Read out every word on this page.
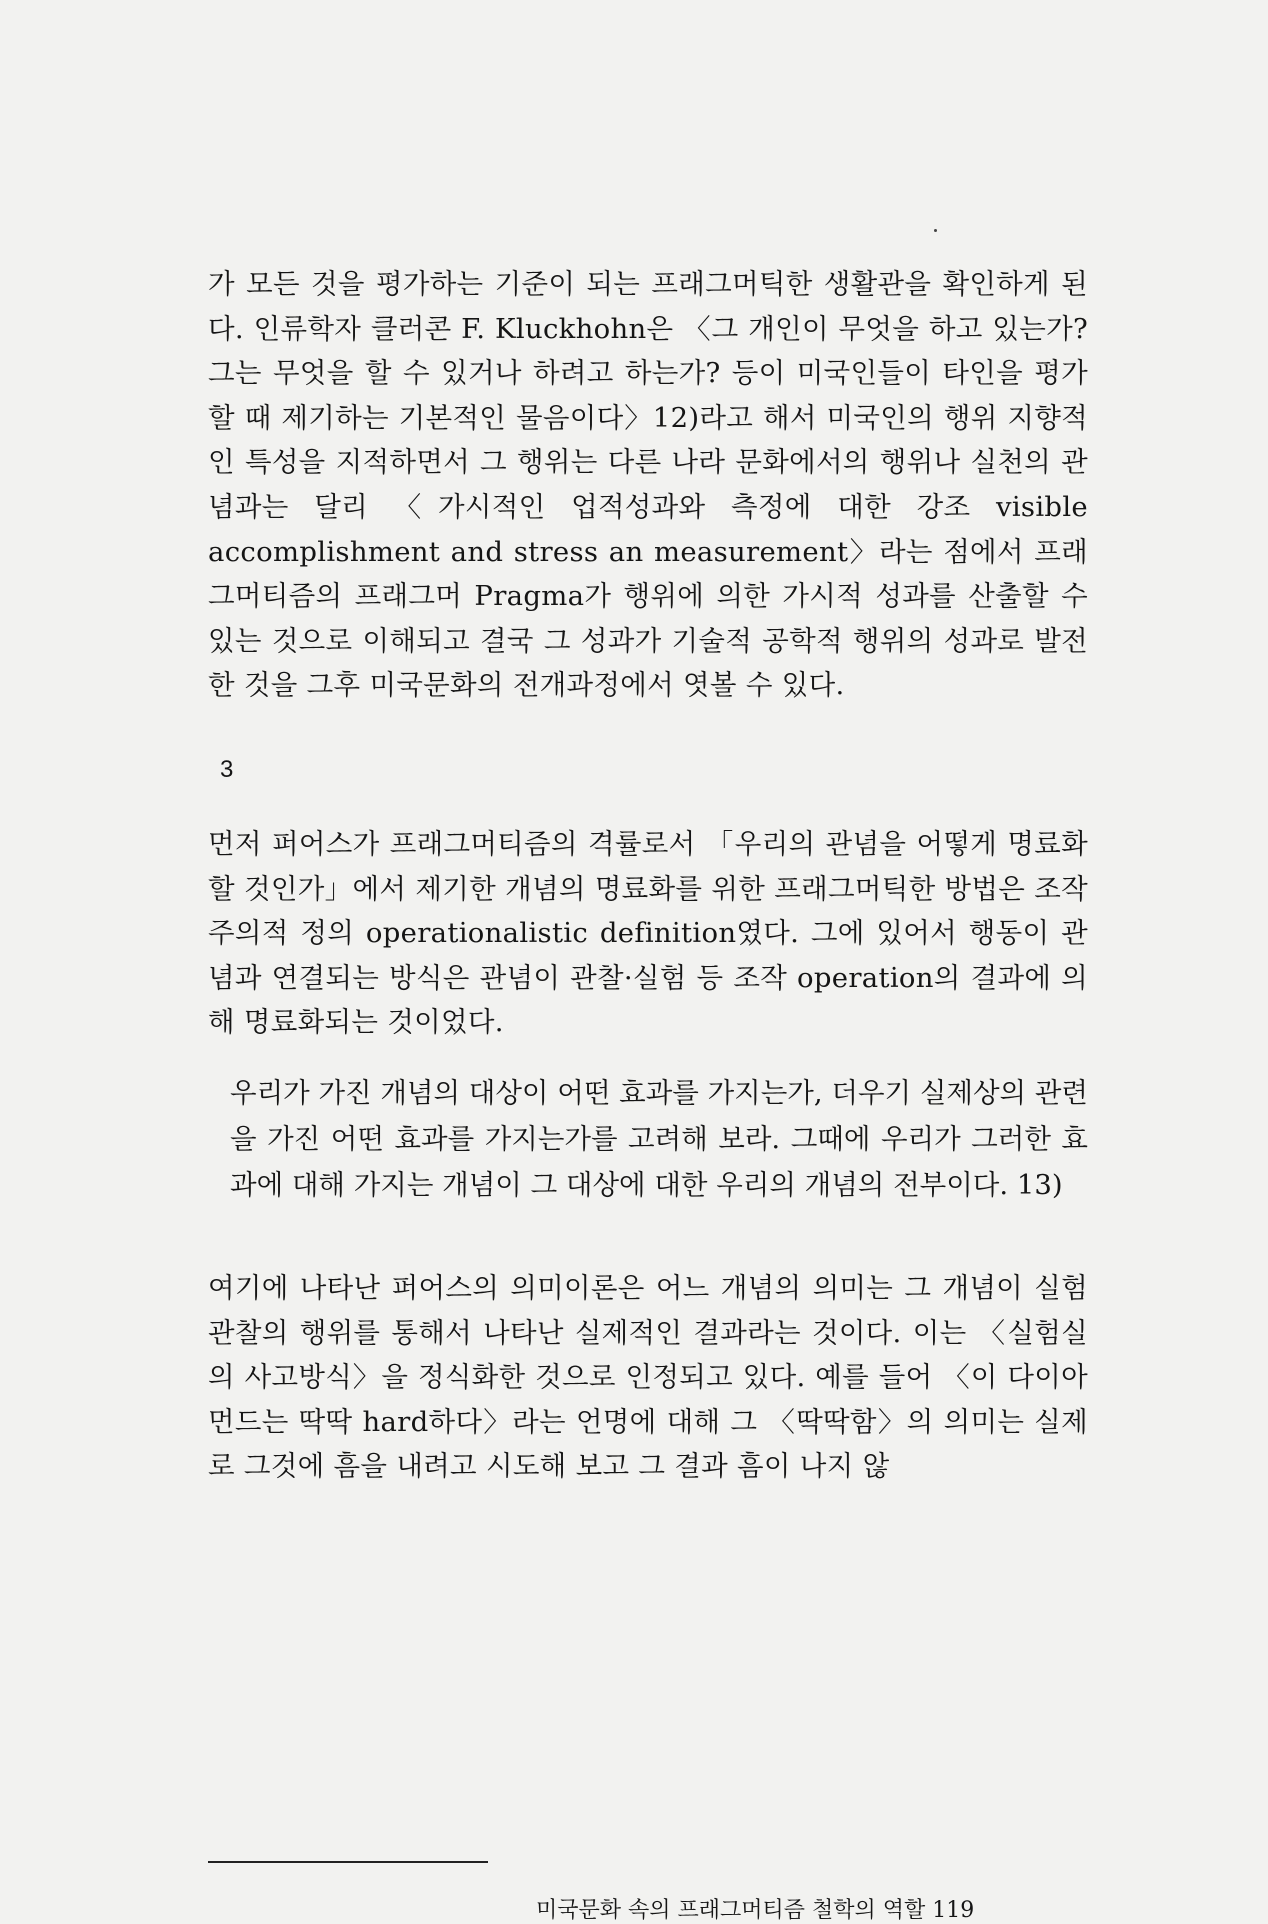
가 모든 것을 평가하는 기준이 되는 프래그머틱한 생활관을 확인하게 된다. 인류학자 클러콘 F. Kluckhohn은 〈그 개인이 무엇을 하고 있는가? 그는 무엇을 할 수 있거나 하려고 하는가? 등이 미국인들이 타인을 평가할 때 제기하는 기본적인 물음이다〉12)라고 해서 미국인의 행위 지향적인 특성을 지적하면서 그 행위는 다른 나라 문화에서의 행위나 실천의 관념과는 달리 〈가시적인 업적성과와 측정에 대한 강조 visible accomplishment and stress an measurement〉라는 점에서 프래그머티즘의 프래그머 Pragma가 행위에 의한 가시적 성과를 산출할 수 있는 것으로 이해되고 결국 그 성과가 기술적 공학적 행위의 성과로 발전한 것을 그후 미국문화의 전개과정에서 엿볼 수 있다.
3
먼저 퍼어스가 프래그머티즘의 격률로서 「우리의 관념을 어떻게 명료화할 것인가」에서 제기한 개념의 명료화를 위한 프래그머틱한 방법은 조작주의적 정의 operationalistic definition였다. 그에 있어서 행동이 관념과 연결되는 방식은 관념이 관찰·실험 등 조작 operation의 결과에 의해 명료화되는 것이었다.
우리가 가진 개념의 대상이 어떤 효과를 가지는가, 더우기 실제상의 관련을 가진 어떤 효과를 가지는가를 고려해 보라. 그때에 우리가 그러한 효과에 대해 가지는 개념이 그 대상에 대한 우리의 개념의 전부이다. 13)
여기에 나타난 퍼어스의 의미이론은 어느 개념의 의미는 그 개념이 실험 관찰의 행위를 통해서 나타난 실제적인 결과라는 것이다. 이는 〈실험실의 사고방식〉을 정식화한 것으로 인정되고 있다. 예를 들어 〈이 다이아먼드는 딱딱 hard하다〉라는 언명에 대해 그 〈딱딱함〉의 의미는 실제로 그것에 흠을 내려고 시도해 보고 그 결과 흠이 나지 않
미국문화 속의 프래그머티즘 철학의 역할 119
